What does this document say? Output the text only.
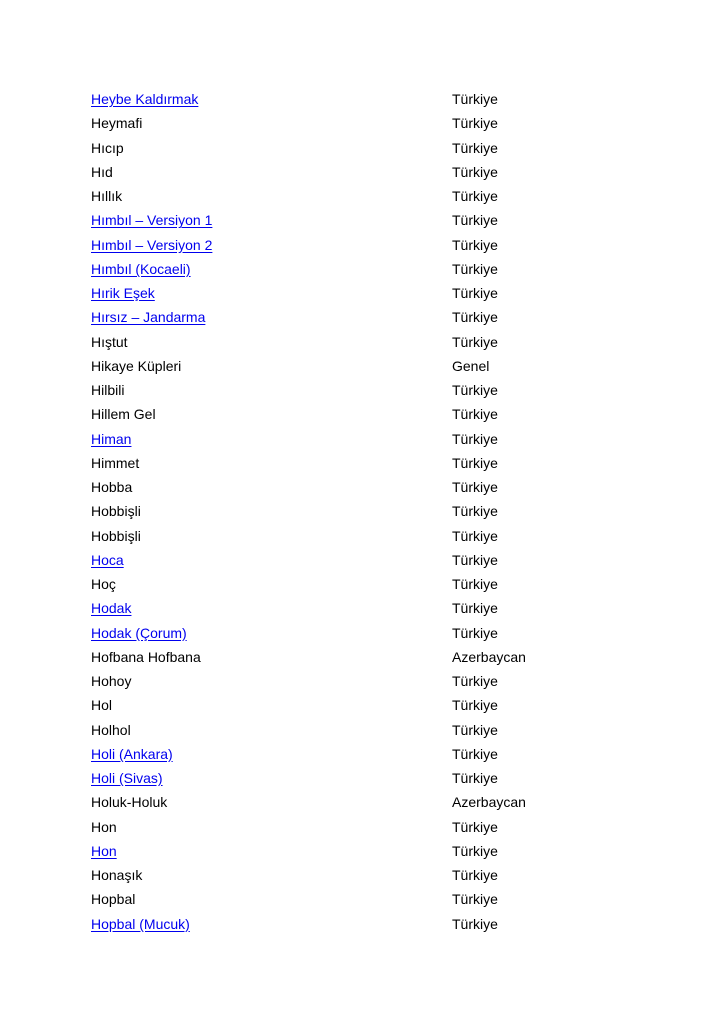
Heybe Kaldırmak	Türkiye
Heymafi	Türkiye
Hıcıp	Türkiye
Hıd	Türkiye
Hıllık	Türkiye
Hımbıl – Versiyon 1	Türkiye
Hımbıl – Versiyon 2	Türkiye
Hımbıl (Kocaeli)	Türkiye
Hırik Eşek	Türkiye
Hırsız – Jandarma	Türkiye
Hıştut	Türkiye
Hikaye Küpleri	Genel
Hilbili	Türkiye
Hillem Gel	Türkiye
Himan	Türkiye
Himmet	Türkiye
Hobba	Türkiye
Hobbişli	Türkiye
Hobbişli	Türkiye
Hoca	Türkiye
Hoç	Türkiye
Hodak	Türkiye
Hodak (Çorum)	Türkiye
Hofbana Hofbana	Azerbaycan
Hohoy	Türkiye
Hol	Türkiye
Holhol	Türkiye
Holi (Ankara)	Türkiye
Holi (Sivas)	Türkiye
Holuk-Holuk	Azerbaycan
Hon	Türkiye
Hon	Türkiye
Honaşık	Türkiye
Hopbal	Türkiye
Hopbal (Mucuk)	Türkiye
